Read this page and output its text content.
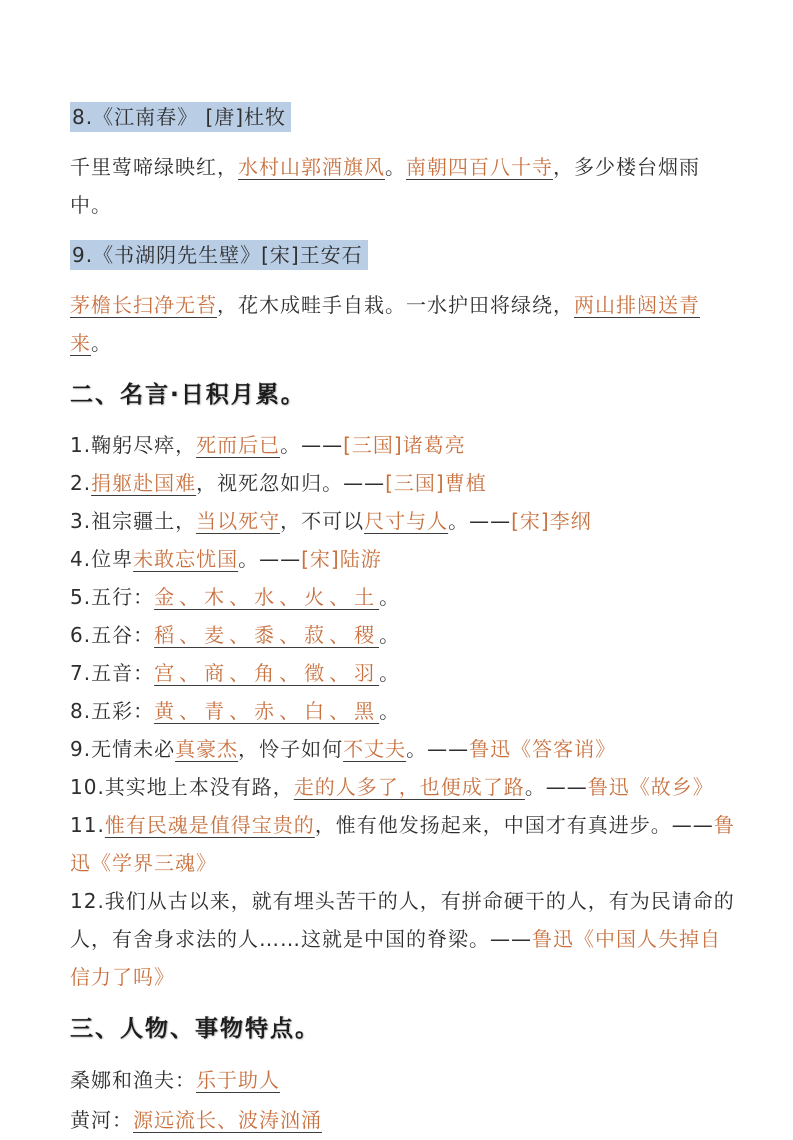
8.《江南春》 [唐]杜牧
千里莺啼绿映红，水村山郭酒旗风。南朝四百八十寺，多少楼台烟雨中。
9.《书湖阴先生壁》[宋]王安石
茅檐长扫净无苔，花木成畦手自栽。一水护田将绿绕，两山排闼送青来。
二、名言·日积月累。
1.鞠躬尽瘁，死而后已。——[三国]诸葛亮
2.捐躯赴国难，视死忽如归。——[三国]曹植
3.祖宗疆土，当以死守，不可以尺寸与人。——[宋]李纲
4.位卑未敢忘忧国。——[宋]陆游
5.五行：金、木、水、火、土。
6.五谷：稻、麦、黍、菽、稷。
7.五音：宫、商、角、徵、羽。
8.五彩：黄、青、赤、白、黑。
9.无情未必真豪杰，怜子如何不丈夫。——鲁迅《答客诮》
10.其实地上本没有路，走的人多了，也便成了路。——鲁迅《故乡》
11.惟有民魂是值得宝贵的，惟有他发扬起来，中国才有真进步。——鲁迅《学界三魂》
12.我们从古以来，就有埋头苦干的人，有拼命硬干的人，有为民请命的人，有舍身求法的人……这就是中国的脊梁。——鲁迅《中国人失掉自信力了吗》
三、人物、事物特点。
桑娜和渔夫：乐于助人
黄河：源远流长、波涛汹涌
